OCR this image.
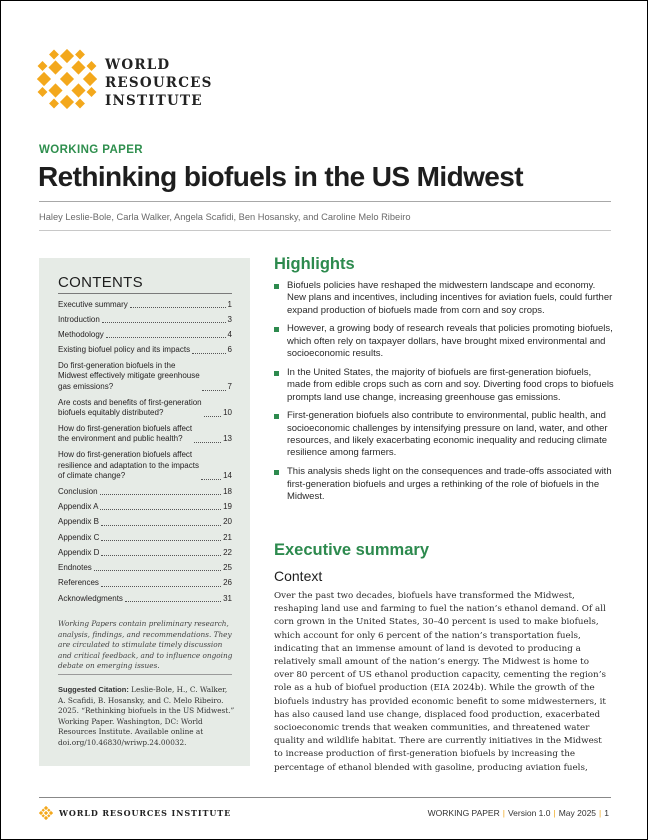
WORLD
RESOURCES
INSTITUTE
WORKING PAPER
Rethinking biofuels in the US Midwest
Haley Leslie-Bole, Carla Walker, Angela Scafidi, Ben Hosansky, and Caroline Melo Ribeiro
CONTENTS
Executive summary	1
Introduction	3
Methodology	4
Existing biofuel policy and its impacts	6
Do first-generation biofuels in the
Midwest effectively mitigate greenhouse
gas emissions?	7
Are costs and benefits of first-generation
biofuels equitably distributed?	10
How do first-generation biofuels affect
the environment and public health?	13
How do first-generation biofuels affect
resilience and adaptation to the impacts
of climate change?	14
Conclusion	18
Appendix A	19
Appendix B	20
Appendix C	21
Appendix D	22
Endnotes	25
References	26
Acknowledgments	31
Working Papers contain preliminary research, analysis, findings, and recommendations. They are circulated to stimulate timely discussion and critical feedback, and to influence ongoing debate on emerging issues.
Suggested Citation: Leslie-Bole, H., C. Walker, A. Scafidi, B. Hosansky, and C. Melo Ribeiro. 2025. “Rethinking biofuels in the US Midwest.” Working Paper. Washington, DC: World Resources Institute. Available online at doi.org/10.46830/wriwp.24.00032.
Highlights
Biofuels policies have reshaped the midwestern landscape and economy. New plans and incentives, including incentives for aviation fuels, could further expand production of biofuels made from corn and soy crops.
However, a growing body of research reveals that policies promoting biofuels, which often rely on taxpayer dollars, have brought mixed environmental and socioeconomic results.
In the United States, the majority of biofuels are first-generation biofuels, made from edible crops such as corn and soy. Diverting food crops to biofuels prompts land use change, increasing greenhouse gas emissions.
First-generation biofuels also contribute to environmental, public health, and socioeconomic challenges by intensifying pressure on land, water, and other resources, and likely exacerbating economic inequality and reducing climate resilience among farmers.
This analysis sheds light on the consequences and trade-offs associated with first-generation biofuels and urges a rethinking of the role of biofuels in the Midwest.
Executive summary
Context
Over the past two decades, biofuels have transformed the Midwest, reshaping land use and farming to fuel the nation’s ethanol demand. Of all corn grown in the United States, 30–40 percent is used to make biofuels, which account for only 6 percent of the nation’s transportation fuels, indicating that an immense amount of land is devoted to producing a relatively small amount of the nation’s energy. The Midwest is home to over 80 percent of US ethanol production capacity, cementing the region’s role as a hub of biofuel production (EIA 2024b). While the growth of the biofuels industry has provided economic benefit to some midwesterners, it has also caused land use change, displaced food production, exacerbated socioeconomic trends that weaken communities, and threatened water quality and wildlife habitat. There are currently initiatives in the Midwest to increase production of first-generation biofuels by increasing the percentage of ethanol blended with gasoline, producing aviation fuels,
WORLD RESOURCES INSTITUTE	WORKING PAPER | Version 1.0 | May 2025 | 1
